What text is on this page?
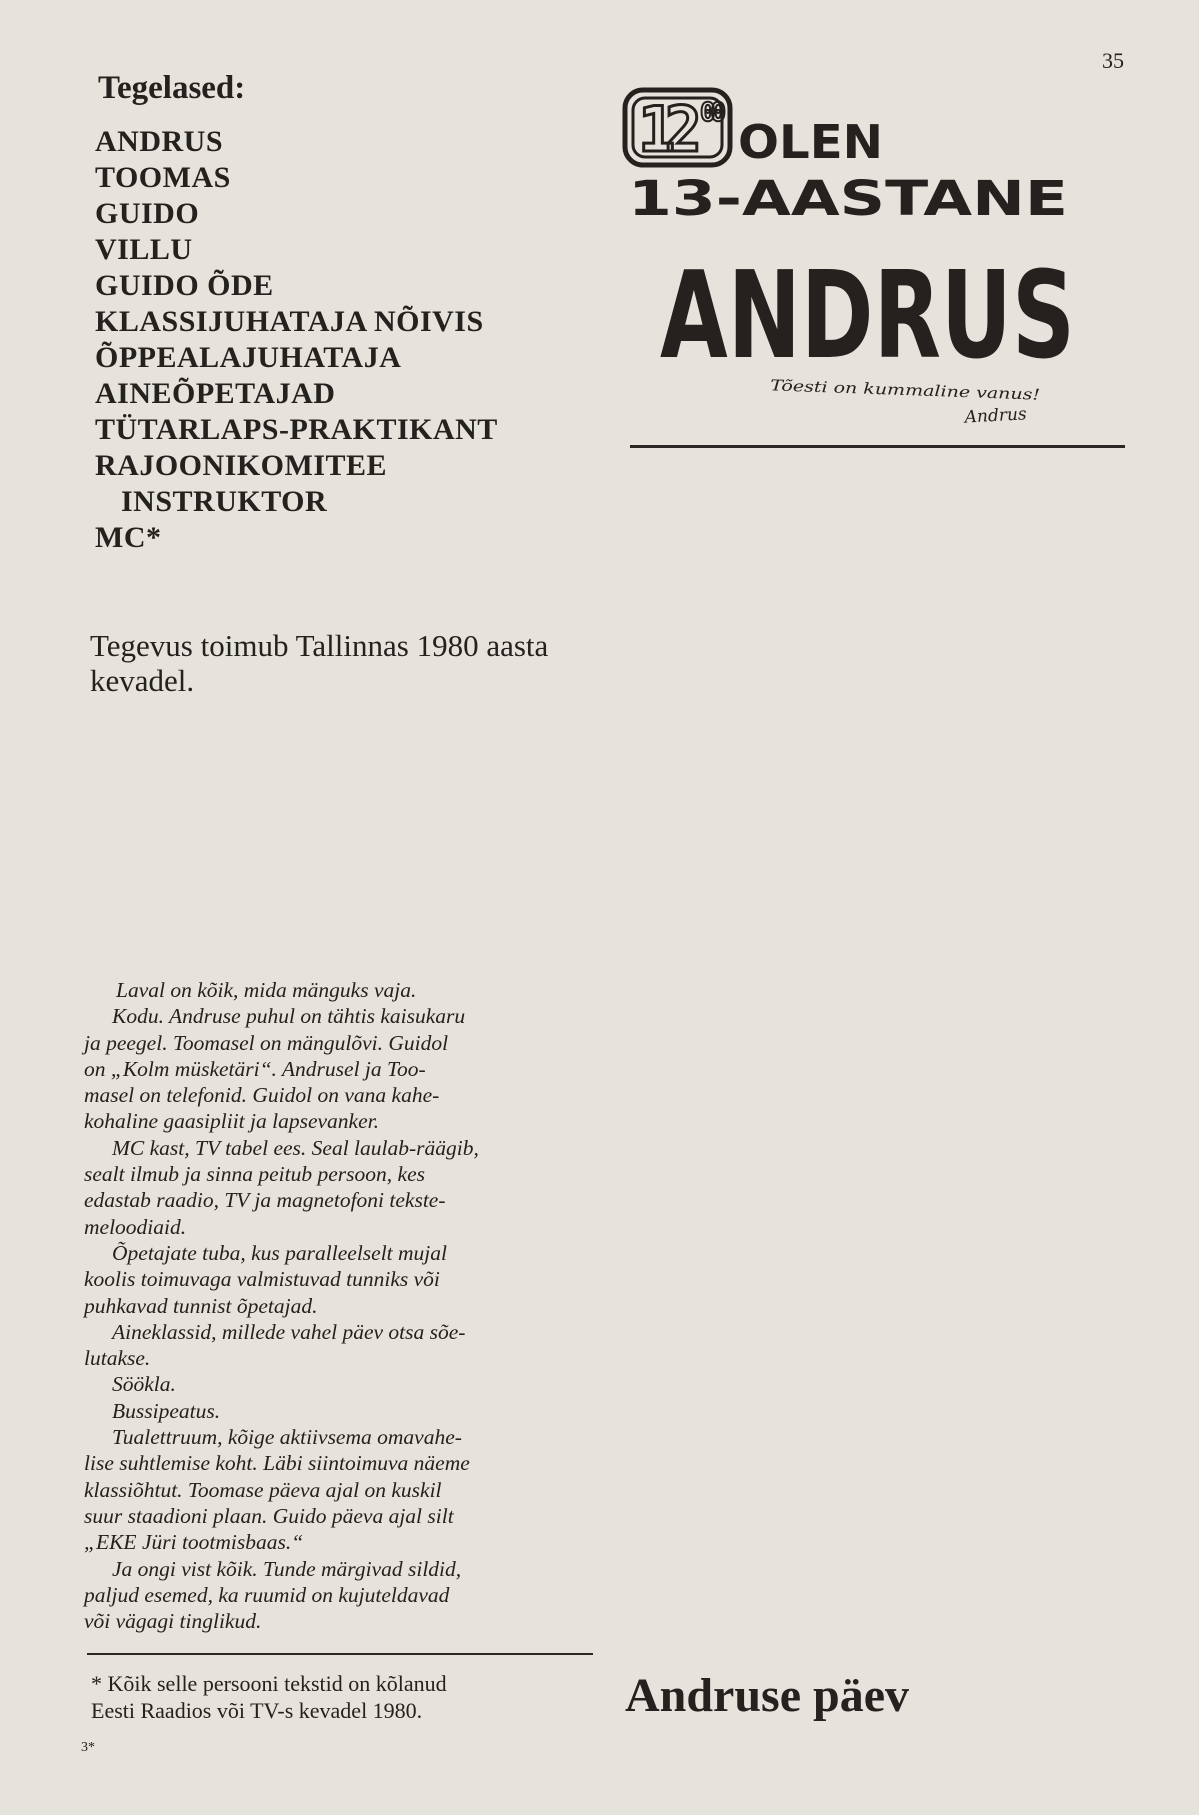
35
Tegelased:
ANDRUS
TOOMAS
GUIDO
VILLU
GUIDO ÕDE
KLASSIJUHATAJA NÕIVIS
ÕPPEALAJUHATAJA
AINEÕPETAJAD
TÜTARLAPS-PRAKTIKANT
RAJOONIKOMITEE
INSTRUKTOR
MC*
Tegevus toimub Tallinnas 1980 aasta kevadel.

Laval on kõik, mida mänguks vaja.

Kodu. Andruse puhul on tähtis kaisukaru

ja peegel. Toomasel on mängulõvi. Guidol

on „Kolm müsketäri“. Andrusel ja Too-

masel on telefonid. Guidol on vana kahe-

kohaline gaasipliit ja lapsevanker.

MC kast, TV tabel ees. Seal laulab-räägib,

sealt ilmub ja sinna peitub persoon, kes

edastab raadio, TV ja magnetofoni tekste-

meloodiaid.

Õpetajate tuba, kus paralleelselt mujal

koolis toimuvaga valmistuvad tunniks või

puhkavad tunnist õpetajad.

Aineklassid, millede vahel päev otsa sõe-

lutakse.

Söökla.

Bussipeatus.

Tualettruum, kõige aktiivsema omavahe-

lise suhtlemise koht. Läbi siintoimuva näeme

klassiõhtut. Toomase päeva ajal on kuskil

suur staadioni plaan. Guido päeva ajal silt

„EKE Jüri tootmisbaas.“

Ja ongi vist kõik. Tunde märgivad sildid,

paljud esemed, ka ruumid on kujuteldavad

või vägagi tinglikud.

* Kõik selle persooni tekstid on kõlanud
Eesti Raadios või TV-s kevadel 1980.
3*
12
00
OLEN
13-AASTANE
ANDRUS
Tõesti on kummaline vanus!
Andrus
Andruse päev
